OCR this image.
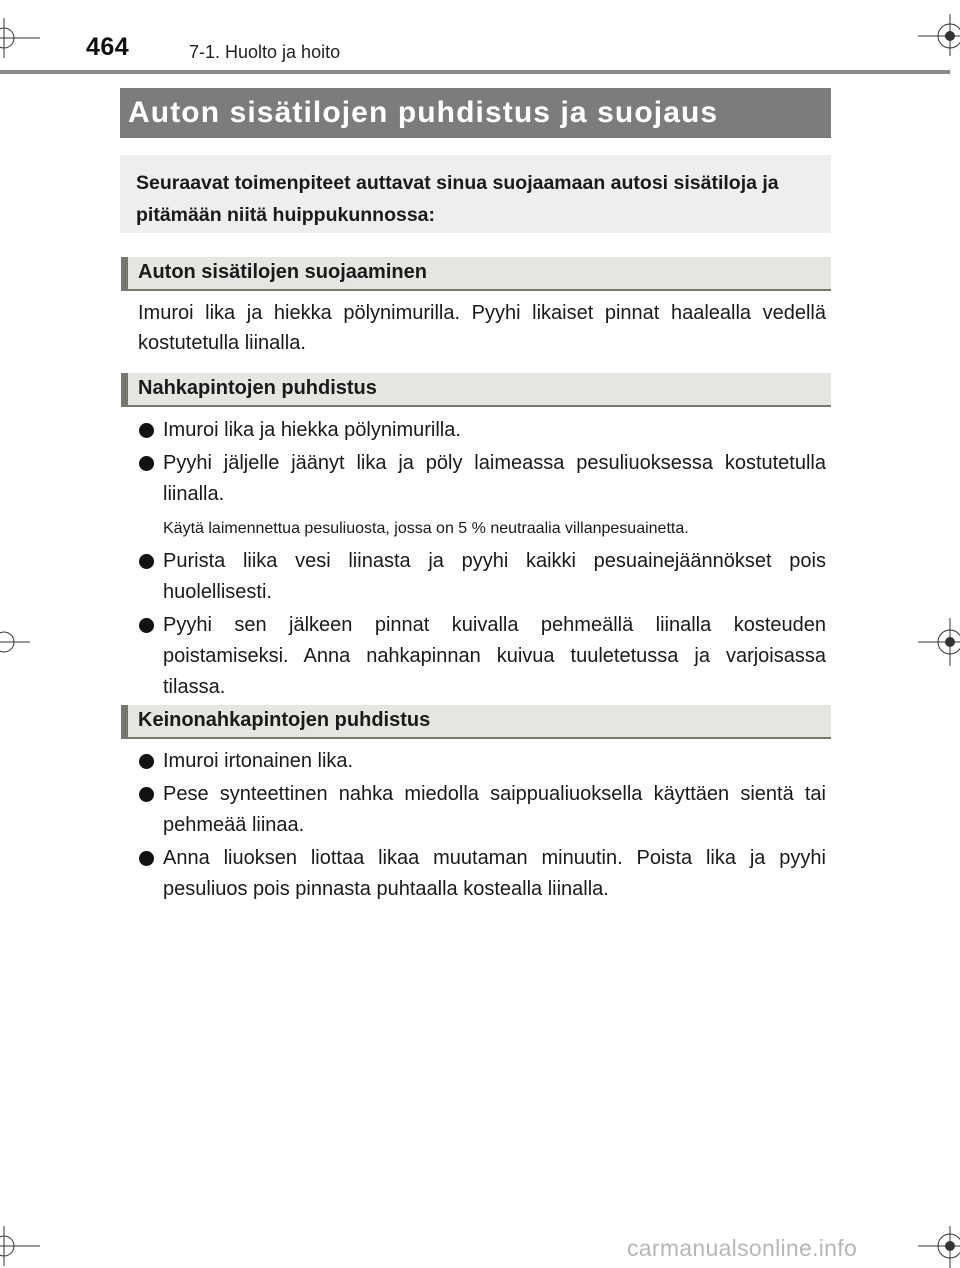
464	7-1. Huolto ja hoito
Auton sisätilojen puhdistus ja suojaus
Seuraavat toimenpiteet auttavat sinua suojaamaan autosi sisätiloja ja pitämään niitä huippukunnossa:
Auton sisätilojen suojaaminen
Imuroi lika ja hiekka pölynimurilla. Pyyhi likaiset pinnat haalealla vedellä kostutetulla liinalla.
Nahkapintojen puhdistus
Imuroi lika ja hiekka pölynimurilla.
Pyyhi jäljelle jäänyt lika ja pöly laimeassa pesuliuoksessa kostutetulla liinalla.
Käytä laimennettua pesuliuosta, jossa on 5 % neutraalia villanpesuainetta.
Purista liika vesi liinasta ja pyyhi kaikki pesuainejäännökset pois huolellisesti.
Pyyhi sen jälkeen pinnat kuivalla pehmeällä liinalla kosteuden poistamiseksi. Anna nahkapinnan kuivua tuuletetussa ja varjoisassa tilassa.
Keinonahkapintojen puhdistus
Imuroi irtonainen lika.
Pese synteettinen nahka miedolla saippualiuoksella käyttäen sientä tai pehmeää liinaa.
Anna liuoksen liottaa likaa muutaman minuutin. Poista lika ja pyyhi pesuliuos pois pinnasta puhtaalla kostealla liinalla.
carmanualsonline.info
